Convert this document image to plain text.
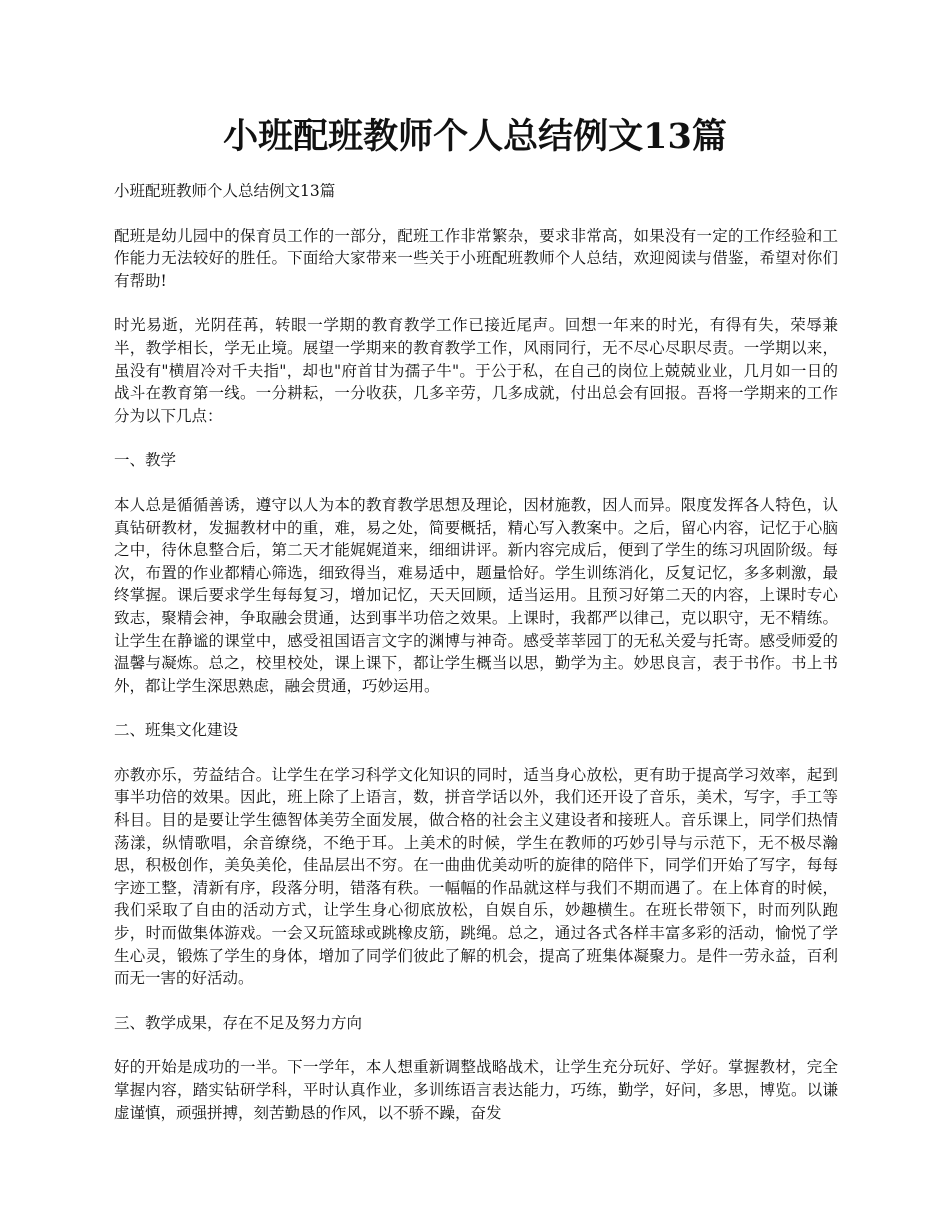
小班配班教师个人总结例文13篇

小班配班教师个人总结例文13篇

配班是幼儿园中的保育员工作的一部分，配班工作非常繁杂，要求非常高，如果没有一定的工作经验和工作能力无法较好的胜任。下面给大家带来一些关于小班配班教师个人总结，欢迎阅读与借鉴，希望对你们有帮助!

时光易逝，光阴荏苒，转眼一学期的教育教学工作已接近尾声。回想一年来的时光，有得有失，荣辱兼半，教学相长，学无止境。展望一学期来的教育教学工作，风雨同行，无不尽心尽职尽责。一学期以来，虽没有"横眉冷对千夫指"，却也"府首甘为孺子牛"。于公于私，在自己的岗位上兢兢业业，几月如一日的战斗在教育第一线。一分耕耘，一分收获，几多辛劳，几多成就，付出总会有回报。吾将一学期来的工作分为以下几点：

一、教学

本人总是循循善诱，遵守以人为本的教育教学思想及理论，因材施教，因人而异。限度发挥各人特色，认真钻研教材，发掘教材中的重，难，易之处，简要概括，精心写入教案中。之后，留心内容，记忆于心脑之中，待休息整合后，第二天才能娓娓道来，细细讲评。新内容完成后，便到了学生的练习巩固阶级。每次，布置的作业都精心筛选，细致得当，难易适中，题量恰好。学生训练消化，反复记忆，多多刺激，最终掌握。课后要求学生每每复习，增加记忆，天天回顾，适当运用。且预习好第二天的内容，上课时专心致志，聚精会神，争取融会贯通，达到事半功倍之效果。上课时，我都严以律己，克以职守，无不精练。让学生在静谧的课堂中，感受祖国语言文字的渊博与神奇。感受莘莘园丁的无私关爱与托寄。感受师爱的温馨与凝炼。总之，校里校处，课上课下，都让学生概当以思，勤学为主。妙思良言，表于书作。书上书外，都让学生深思熟虑，融会贯通，巧妙运用。

二、班集文化建设

亦教亦乐，劳益结合。让学生在学习科学文化知识的同时，适当身心放松，更有助于提高学习效率，起到事半功倍的效果。因此，班上除了上语言，数，拼音学话以外，我们还开设了音乐，美术，写字，手工等科目。目的是要让学生德智体美劳全面发展，做合格的社会主义建设者和接班人。音乐课上，同学们热情荡漾，纵情歌唱，余音缭绕，不绝于耳。上美术的时候，学生在教师的巧妙引导与示范下，无不极尽瀚思，积极创作，美奂美伦，佳品层出不穷。在一曲曲优美动听的旋律的陪伴下，同学们开始了写字，每每字迹工整，清新有序，段落分明，错落有秩。一幅幅的作品就这样与我们不期而遇了。在上体育的时候，我们采取了自由的活动方式，让学生身心彻底放松，自娱自乐，妙趣横生。在班长带领下，时而列队跑步，时而做集体游戏。一会又玩篮球或跳橡皮筋，跳绳。总之，通过各式各样丰富多彩的活动，愉悦了学生心灵，锻炼了学生的身体，增加了同学们彼此了解的机会，提高了班集体凝聚力。是件一劳永益，百利而无一害的好活动。

三、教学成果，存在不足及努力方向

好的开始是成功的一半。下一学年，本人想重新调整战略战术，让学生充分玩好、学好。掌握教材，完全掌握内容，踏实钻研学科，平时认真作业，多训练语言表达能力，巧练，勤学，好问，多思，博览。以谦虚谨慎，顽强拼搏，刻苦勤恳的作风，以不骄不躁，奋发
